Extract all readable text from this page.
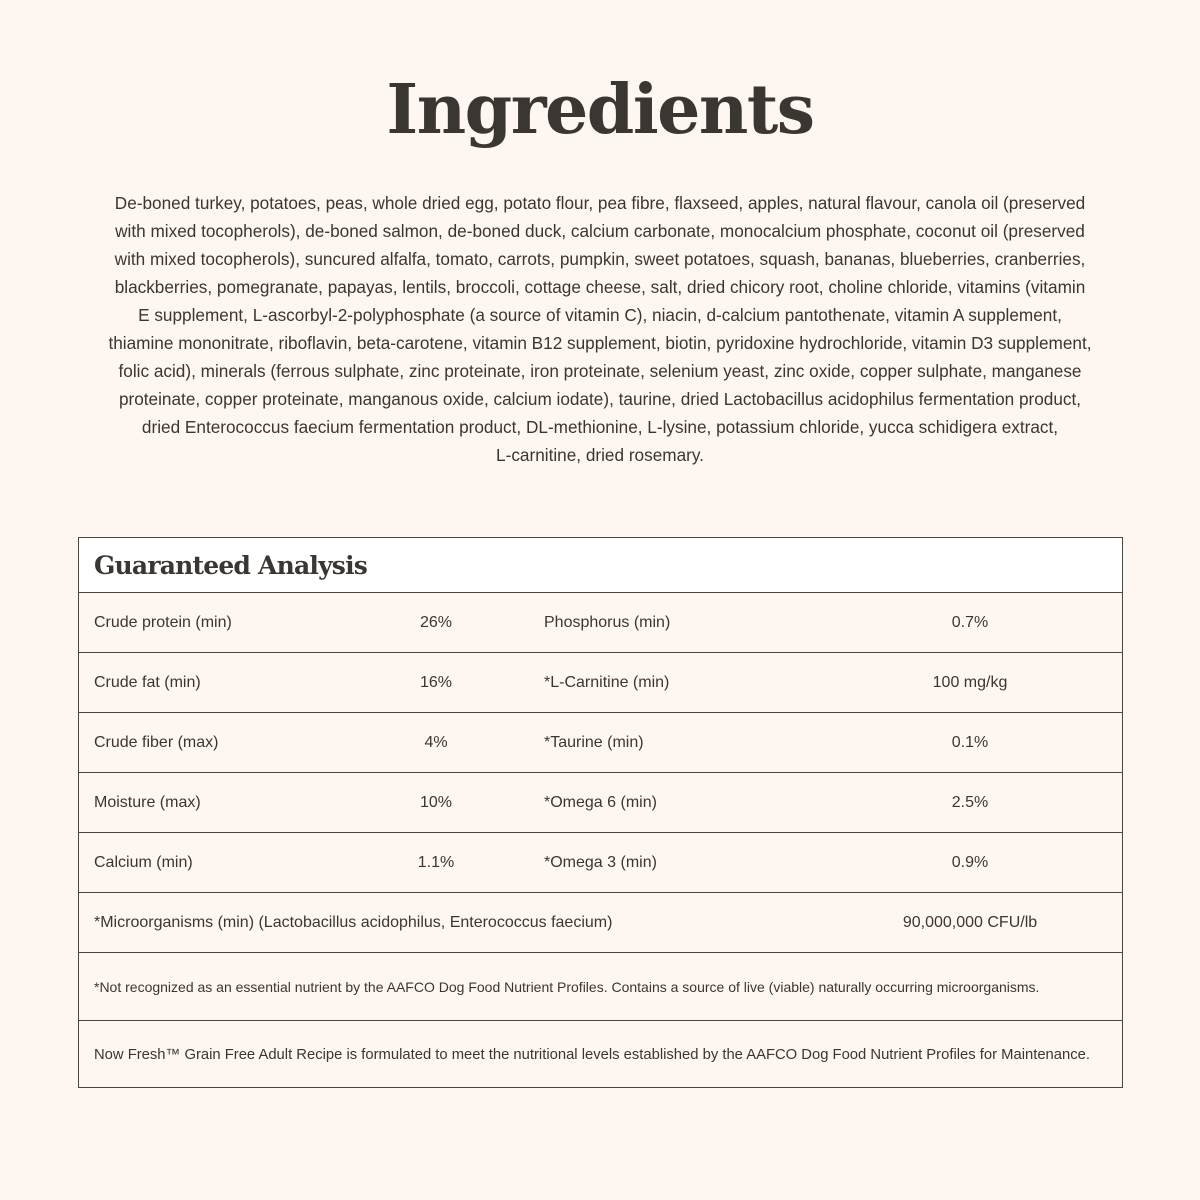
Ingredients
De-boned turkey, potatoes, peas, whole dried egg, potato flour, pea fibre, flaxseed, apples, natural flavour, canola oil (preserved
with mixed tocopherols), de-boned salmon, de-boned duck, calcium carbonate, monocalcium phosphate, coconut oil (preserved
with mixed tocopherols), suncured alfalfa, tomato, carrots, pumpkin, sweet potatoes, squash, bananas, blueberries, cranberries,
blackberries, pomegranate, papayas, lentils, broccoli, cottage cheese, salt, dried chicory root, choline chloride, vitamins (vitamin
E supplement, L-ascorbyl-2-polyphosphate (a source of vitamin C), niacin, d-calcium pantothenate, vitamin A supplement,
thiamine mononitrate, riboflavin, beta-carotene, vitamin B12 supplement, biotin, pyridoxine hydrochloride, vitamin D3 supplement,
folic acid), minerals (ferrous sulphate, zinc proteinate, iron proteinate, selenium yeast, zinc oxide, copper sulphate, manganese
proteinate, copper proteinate, manganous oxide, calcium iodate), taurine, dried Lactobacillus acidophilus fermentation product,
dried Enterococcus faecium fermentation product, DL-methionine, L-lysine, potassium chloride, yucca schidigera extract,
L-carnitine, dried rosemary.
Guaranteed Analysis
Crude protein (min)	26%	Phosphorus (min)	0.7%
Crude fat (min)	16%	*L-Carnitine (min)	100 mg/kg
Crude fiber (max)	4%	*Taurine (min)	0.1%
Moisture (max)	10%	*Omega 6 (min)	2.5%
Calcium (min)	1.1%	*Omega 3 (min)	0.9%
*Microorganisms (min) (Lactobacillus acidophilus, Enterococcus faecium)	90,000,000 CFU/lb
*Not recognized as an essential nutrient by the AAFCO Dog Food Nutrient Profiles. Contains a source of live (viable) naturally occurring microorganisms.
Now Fresh™ Grain Free Adult Recipe is formulated to meet the nutritional levels established by the AAFCO Dog Food Nutrient Profiles for Maintenance.
